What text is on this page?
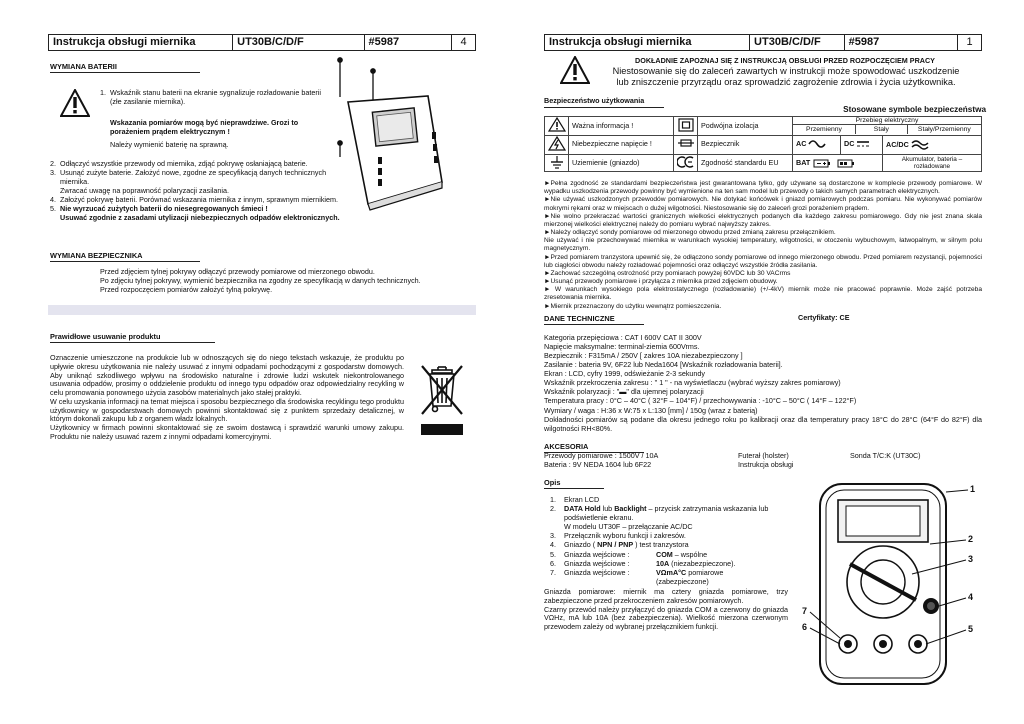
Instrukcja obsługi miernika	UT30B/C/D/F	#5987	4
WYMIANA BATERII
1. Wskaźnik stanu baterii na ekranie sygnalizuje rozładowanie baterii (złe zasilanie miernika).
Wskazania pomiarów mogą być nieprawdziwe. Grozi to porażeniem prądem elektrycznym !
Należy wymienić baterię na sprawną.
2. Odłączyć wszystkie przewody od miernika, zdjąć pokrywę osłaniającą baterie.
3. Usunąć zużyte baterie. Założyć nowe, zgodne ze specyfikacją danych technicznych miernika.
Zwracać uwagę na poprawność polaryzacji zasilania.
4. Założyć pokrywę baterii. Porównać wskazania miernika z innym, sprawnym miernikiem.
5. Nie wyrzucać zużytych baterii do niesegregowanych śmieci !
Usuwać zgodnie z zasadami utylizacji niebezpiecznych odpadów elektronicznych.
WYMIANA BEZPIECZNIKA

Przed zdjęciem tylnej pokrywy odłączyć przewody pomiarowe od mierzonego obwodu.

Po zdjęciu tylnej pokrywy, wymienić bezpiecznika na zgodny ze specyfikacją w danych technicznych.

Przed rozpoczęciem pomiarów założyć tylną pokrywę.

Prawidłowe usuwanie produktu

Oznaczenie umieszczone na produkcie lub w odnoszących się do niego tekstach wskazuje, że produktu po upływie okresu użytkowania nie należy usuwać z innymi odpadami pochodzącymi z gospodarstw domowych. Aby uniknąć szkodliwego wpływu na środowisko naturalne i zdrowie ludzi wskutek niekontrolowanego usuwania odpadów, prosimy o oddzielenie produktu od innego typu odpadów oraz odpowiedzialny recykling w celu promowania ponownego użycia zasobów materialnych jako stałej praktyki.

W celu uzyskania informacji na temat miejsca i sposobu bezpiecznego dla środowiska recyklingu tego produktu użytkownicy w gospodarstwach domowych powinni skontaktować się z punktem sprzedaży detalicznej, w którym dokonali zakupu lub z organem władz lokalnych.

Użytkownicy w firmach powinni skontaktować się ze swoim dostawcą i sprawdzić warunki umowy zakupu. Produktu nie należy usuwać razem z innymi odpadami komercyjnymi.

Instrukcja obsługi miernika	UT30B/C/D/F	#5987	1
DOKŁADNIE ZAPOZNAJ SIĘ Z INSTRUKCJĄ OBSŁUGI PRZED ROZPOCZĘCIEM PRACY

Niestosowanie się do zaleceń zawartych w instrukcji może spowodować uszkodzenie

lub zniszczenie przyrządu oraz sprowadzić zagrożenie zdrowia i życia użytkownika.

Bezpieczeństwo użytkowania
Stosowane symbole bezpieczeństwa
	Ważna informacja !		Podwójna izolacja	Przebieg elektryczny
Przemienny Stały Stały/Przemienny		

	Niebezpieczne napięcie !		Bezpiecznik	AC	DC	AC/DC
	Uziemienie (gniazdo)		Zgodność standardu EU	BAT		Akumulator, bateria – rozładowane

►Pełna zgodność ze standardami bezpieczeństwa jest gwarantowana tylko, gdy używane są dostarczone w komplecie przewody pomiarowe. W wypadku uszkodzenia przewody powinny być wymienione na ten sam model lub przewody o takich samych parametrach elektrycznych.

►Nie używać uszkodzonych przewodów pomiarowych. Nie dotykać końcówek i gniazd pomiarowych podczas pomiaru. Nie wykonywać pomiarów mokrymi rękami oraz w miejscach o dużej wilgotności. Niestosowanie się do zaleceń grozi porażeniem prądem.

►Nie wolno przekraczać wartości granicznych wielkości elektrycznych podanych dla każdego zakresu pomiarowego. Gdy nie jest znana skala mierzonej wielkości elektrycznej należy do pomiaru wybrać najwyższy zakres.

►Należy odłączyć sondy pomiarowe od mierzonego obwodu przed zmianą zakresu przełącznikiem.

Nie używać i nie przechowywać miernika w warunkach wysokiej temperatury, wilgotności, w otoczeniu wybuchowym, łatwopalnym, w silnym polu magnetycznym.

►Przed pomiarem tranzystora upewnić się, że odłączono sondy pomiarowe od innego mierzonego obwodu. Przed pomiarem rezystancji, pojemności lub ciągłości obwodu należy rozładować pojemności oraz odłączyć wszystkie źródła zasilania.

►Zachować szczególną ostrożność przy pomiarach powyżej 60VDC lub 30 VACrms

►Usunąć przewody pomiarowe i przyłącza z miernika przed zdjęciem obudowy.

► W warunkach wysokiego pola elektrostatycznego (rozładowanie) (+/-4kV) miernik może nie pracować poprawnie. Może zajść potrzeba zresetowania miernika.

►Miernik przeznaczony do użytku wewnątrz pomieszczenia.

DANE TECHNICZNE	Certyfikaty: CE

Kategoria przepięciowa : CAT I 600V CAT II 300V

Napięcie maksymalne: terminal-ziemia 600Vrms.

Bezpiecznik : F315mA / 250V [ zakres 10A niezabezpieczony ]

Zasilanie : bateria 9V, 6F22 lub Neda1604 [Wskaźnik rozładowania baterii].

Ekran : LCD, cyfry 1999, odświeżanie 2-3 sekundy

Wskaźnik przekroczenia zakresu : " 1 " - na wyświetlaczu (wybrać wyższy zakres pomiarowy)

Wskaźnik polaryzacji : "▬" dla ujemnej polaryzacji

Temperatura pracy : 0°C – 40°C ( 32°F – 104°F) / przechowywania : -10°C – 50°C ( 14°F – 122°F)

Wymiary / waga : H:36 x W:75 x L:130 [mm] / 150g (wraz z baterią)

Dokładności pomiarów są podane dla okresu jednego roku po kalibracji oraz dla temperatury pracy 18°C do 28°C (64°F do 82°F) dla wilgotności RH<80%.

AKCESORIA
Przewody pomiarowe : 1500V / 10A	Futerał (holster)	Sonda T/C:K (UT30C)
Bateria : 9V NEDA 1604 lub 6F22	Instrukcja obsługi
Opis
1. Ekran LCD
2. DATA Hold lub Backlight – przycisk zatrzymania wskazania lub podświetlenie ekranu.
W modelu UT30F – przełączanie AC/DC
3. Przełącznik wyboru funkcji i zakresów.
4. Gniazdo ( NPN / PNP ) test tranzystora
5. Gniazda wejściowe :	COM – wspólne
6. Gniazda wejściowe :	10A (niezabezpieczone).
7. Gniazda wejściowe :	VΩmA°C pomiarowe
(zabezpieczone)

Gniazda pomiarowe: miernik ma cztery gniazda pomiarowe, trzy zabezpieczone przed przekroczeniem zakresów pomiarowych.

Czarny przewód należy przyłączyć do gniazda COM a czerwony do gniazda VΩHz, mA lub 10A (bez zabezpieczenia). Wielkość mierzona czerwonym przewodem zależy od wybranej przełącznikiem funkcji.

1
2
3
4
5
6
7
